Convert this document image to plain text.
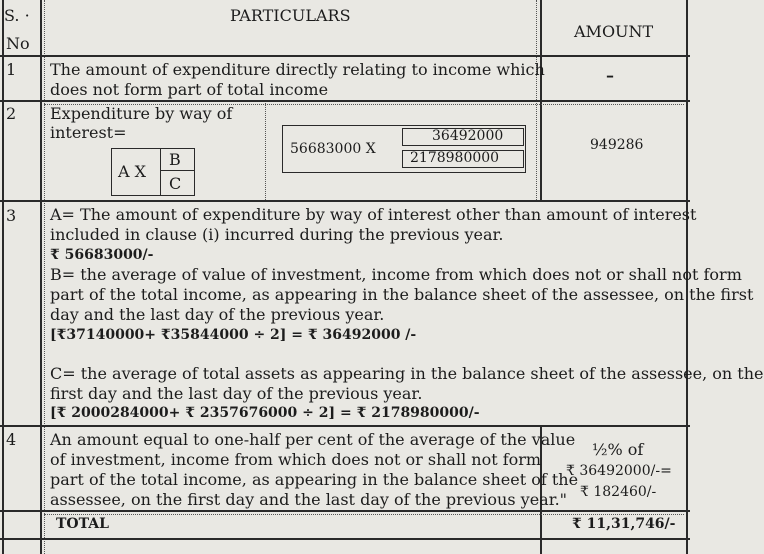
S. ·
No
PARTICULARS
AMOUNT
1 The amount of expenditure directly relating to income which
does not form part of total income
–
2 Expenditure by way of
interest=
A X
B
C
56683000 X
36492000
2178980000
949286
3 A= The amount of expenditure by way of interest other than amount of interest
included in clause (i) incurred during the previous year.
₹ 56683000/-
B= the average of value of investment, income from which does not or shall not form
part of the total income, as appearing in the balance sheet of the assessee, on the first
day and the last day of the previous year.
[₹37140000+ ₹35844000 ÷ 2] = ₹ 36492000 /-
C= the average of total assets as appearing in the balance sheet of the assessee, on the
first day and the last day of the previous year.
[₹ 2000284000+ ₹ 2357676000 ÷ 2] = ₹ 2178980000/-
4 An amount equal to one-half per cent of the average of the value
of investment, income from which does not or shall not form
part of the total income, as appearing in the balance sheet of the
assessee, on the first day and the last day of the previous year."
½% of
₹ 36492000/-=
₹ 182460/-
TOTAL	₹ 11,31,746/-
